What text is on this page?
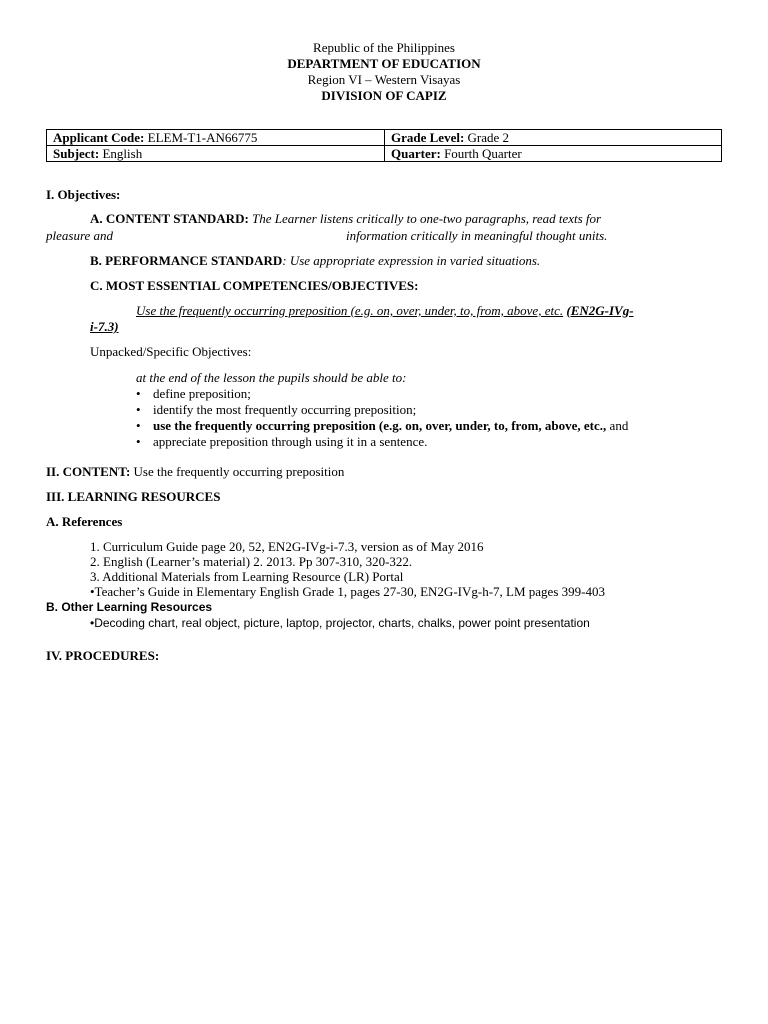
Republic of the Philippines
DEPARTMENT OF EDUCATION
Region VI – Western Visayas
DIVISION OF CAPIZ
Applicant Code: ELEM-T1-AN66775	Grade Level: Grade 2
Subject: English	Quarter: Fourth Quarter
I. Objectives:
A. CONTENT STANDARD: The Learner listens critically to one-two paragraphs, read texts for
pleasure and	information critically in meaningful thought units.
B. PERFORMANCE STANDARD: Use appropriate expression in varied situations.
C. MOST ESSENTIAL COMPETENCIES/OBJECTIVES:
Use the frequently occurring preposition (e.g. on, over, under, to, from, above, etc. (EN2G-IVg-
i-7.3)
Unpacked/Specific Objectives:
at the end of the lesson the pupils should be able to:
• define preposition;
• identify the most frequently occurring preposition;
• use the frequently occurring preposition (e.g. on, over, under, to, from, above, etc., and
• appreciate preposition through using it in a sentence.
II. CONTENT: Use the frequently occurring preposition
III. LEARNING RESOURCES
A. References
1. Curriculum Guide page 20, 52, EN2G-IVg-i-7.3, version as of May 2016
2. English (Learner’s material) 2. 2013. Pp 307-310, 320-322.
3. Additional Materials from Learning Resource (LR) Portal
•Teacher’s Guide in Elementary English Grade 1, pages 27-30, EN2G-IVg-h-7, LM pages 399-403
B. Other Learning Resources
•Decoding chart, real object, picture, laptop, projector, charts, chalks, power point presentation
IV. PROCEDURES:
